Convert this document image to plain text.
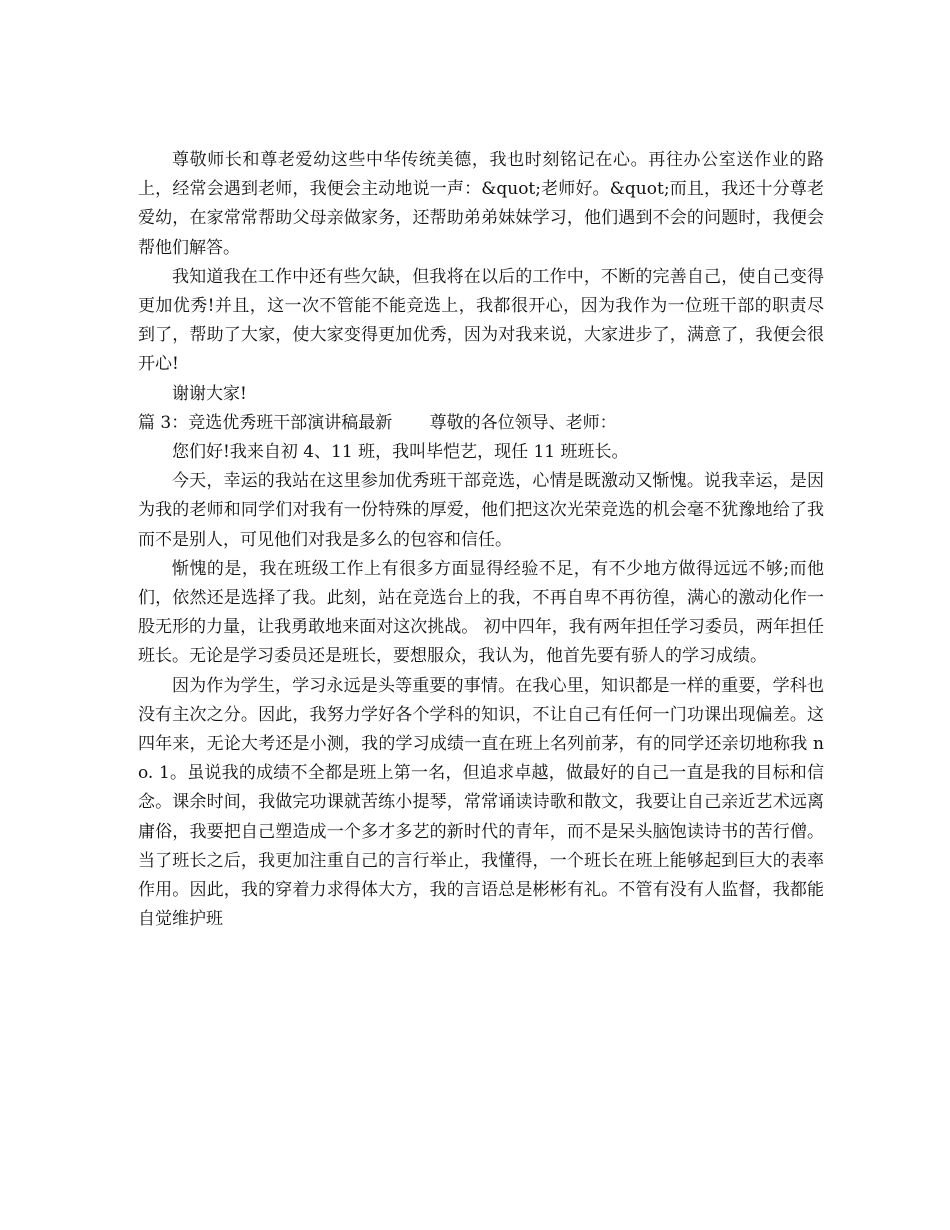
尊敬师长和尊老爱幼这些中华传统美德，我也时刻铭记在心。再往办公室送作业的路上，经常会遇到老师，我便会主动地说一声：&quot;老师好。&quot;而且，我还十分尊老爱幼，在家常常帮助父母亲做家务，还帮助弟弟妹妹学习，他们遇到不会的问题时，我便会帮他们解答。

我知道我在工作中还有些欠缺，但我将在以后的工作中，不断的完善自己，使自己变得更加优秀!并且，这一次不管能不能竞选上，我都很开心，因为我作为一位班干部的职责尽到了，帮助了大家，使大家变得更加优秀，因为对我来说，大家进步了，满意了，我便会很开心!

谢谢大家!

篇 3：竞选优秀班干部演讲稿最新 尊敬的各位领导、老师：

您们好!我来自初 4、11 班，我叫毕恺艺，现任 11 班班长。

今天，幸运的我站在这里参加优秀班干部竞选，心情是既激动又惭愧。说我幸运，是因为我的老师和同学们对我有一份特殊的厚爱，他们把这次光荣竞选的机会毫不犹豫地给了我而不是别人，可见他们对我是多么的包容和信任。

惭愧的是，我在班级工作上有很多方面显得经验不足，有不少地方做得远远不够;而他们，依然还是选择了我。此刻，站在竞选台上的我，不再自卑不再彷徨，满心的激动化作一股无形的力量，让我勇敢地来面对这次挑战。 初中四年，我有两年担任学习委员，两年担任班长。无论是学习委员还是班长，要想服众，我认为，他首先要有骄人的学习成绩。

因为作为学生，学习永远是头等重要的事情。在我心里，知识都是一样的重要，学科也没有主次之分。因此，我努力学好各个学科的知识，不让自己有任何一门功课出现偏差。这四年来，无论大考还是小测，我的学习成绩一直在班上名列前茅，有的同学还亲切地称我 no. 1。虽说我的成绩不全都是班上第一名，但追求卓越，做最好的自己一直是我的目标和信念。课余时间，我做完功课就苦练小提琴，常常诵读诗歌和散文，我要让自己亲近艺术远离庸俗，我要把自己塑造成一个多才多艺的新时代的青年，而不是呆头脑饱读诗书的苦行僧。当了班长之后，我更加注重自己的言行举止，我懂得，一个班长在班上能够起到巨大的表率作用。因此，我的穿着力求得体大方，我的言语总是彬彬有礼。不管有没有人监督，我都能自觉维护班
